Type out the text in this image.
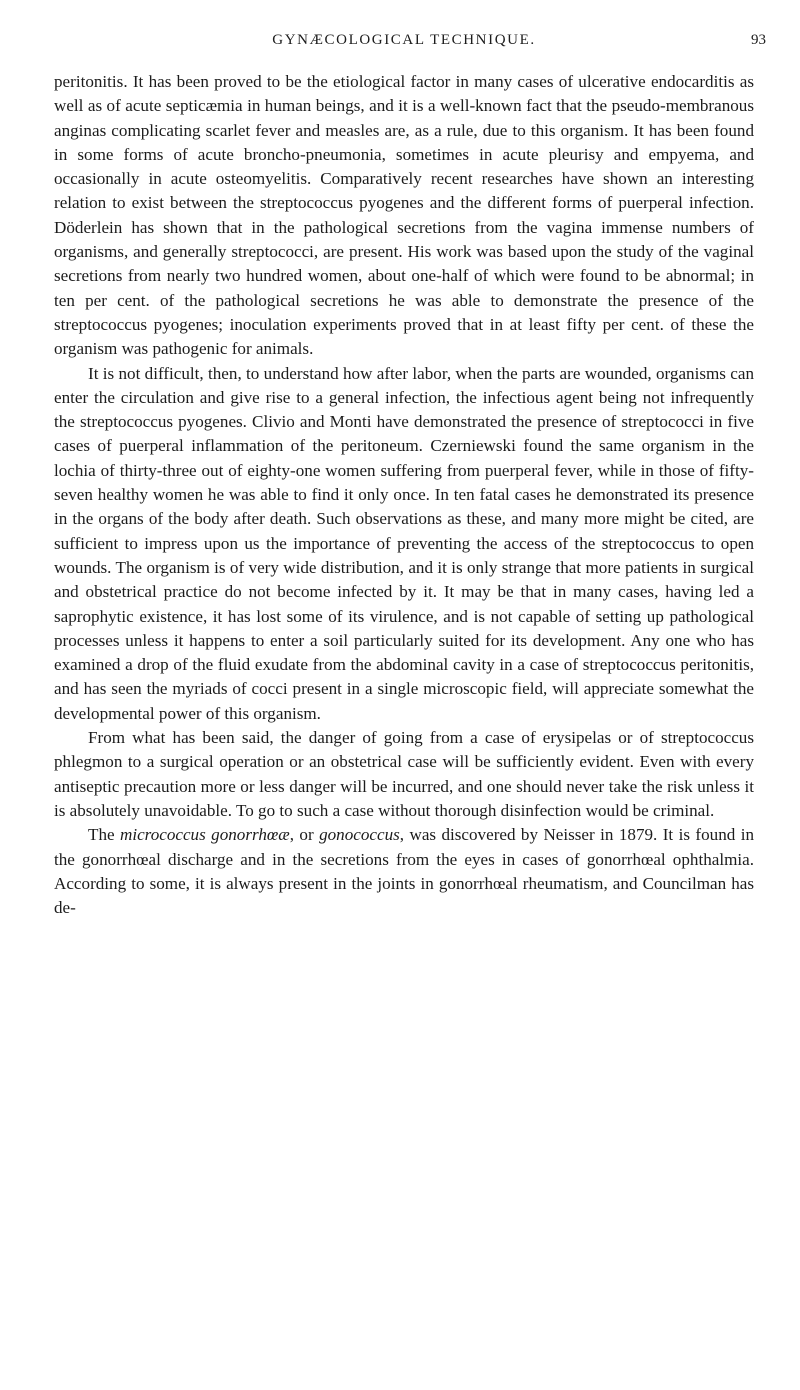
GYNÆCOLOGICAL TECHNIQUE.	93

peritonitis. It has been proved to be the etiological factor in many cases of ulcerative endocarditis as well as of acute septicæmia in human beings, and it is a well-known fact that the pseudo-membranous anginas complicating scarlet fever and measles are, as a rule, due to this organism. It has been found in some forms of acute broncho-pneumonia, sometimes in acute pleurisy and empyema, and occasionally in acute osteomyelitis. Comparatively recent researches have shown an interesting relation to exist between the streptococcus pyogenes and the different forms of puerperal infection. Döderlein has shown that in the pathological secretions from the vagina immense numbers of organisms, and generally streptococci, are present. His work was based upon the study of the vaginal secretions from nearly two hundred women, about one-half of which were found to be abnormal; in ten per cent. of the pathological secretions he was able to demonstrate the presence of the streptococcus pyogenes; inoculation experiments proved that in at least fifty per cent. of these the organism was pathogenic for animals.

It is not difficult, then, to understand how after labor, when the parts are wounded, organisms can enter the circulation and give rise to a general infection, the infectious agent being not infrequently the streptococcus pyogenes. Clivio and Monti have demonstrated the presence of streptococci in five cases of puerperal inflammation of the peritoneum. Czerniewski found the same organism in the lochia of thirty-three out of eighty-one women suffering from puerperal fever, while in those of fifty-seven healthy women he was able to find it only once. In ten fatal cases he demonstrated its presence in the organs of the body after death. Such observations as these, and many more might be cited, are sufficient to impress upon us the importance of preventing the access of the streptococcus to open wounds. The organism is of very wide distribution, and it is only strange that more patients in surgical and obstetrical practice do not become infected by it. It may be that in many cases, having led a saprophytic existence, it has lost some of its virulence, and is not capable of setting up pathological processes unless it happens to enter a soil particularly suited for its development. Any one who has examined a drop of the fluid exudate from the abdominal cavity in a case of streptococcus peritonitis, and has seen the myriads of cocci present in a single microscopic field, will appreciate somewhat the developmental power of this organism.

From what has been said, the danger of going from a case of erysipelas or of streptococcus phlegmon to a surgical operation or an obstetrical case will be sufficiently evident. Even with every antiseptic precaution more or less danger will be incurred, and one should never take the risk unless it is absolutely unavoidable. To go to such a case without thorough disinfection would be criminal.

The micrococcus gonorrhœæ, or gonococcus, was discovered by Neisser in 1879. It is found in the gonorrhœal discharge and in the secretions from the eyes in cases of gonorrhœal ophthalmia. According to some, it is always present in the joints in gonorrhœal rheumatism, and Councilman has de-
